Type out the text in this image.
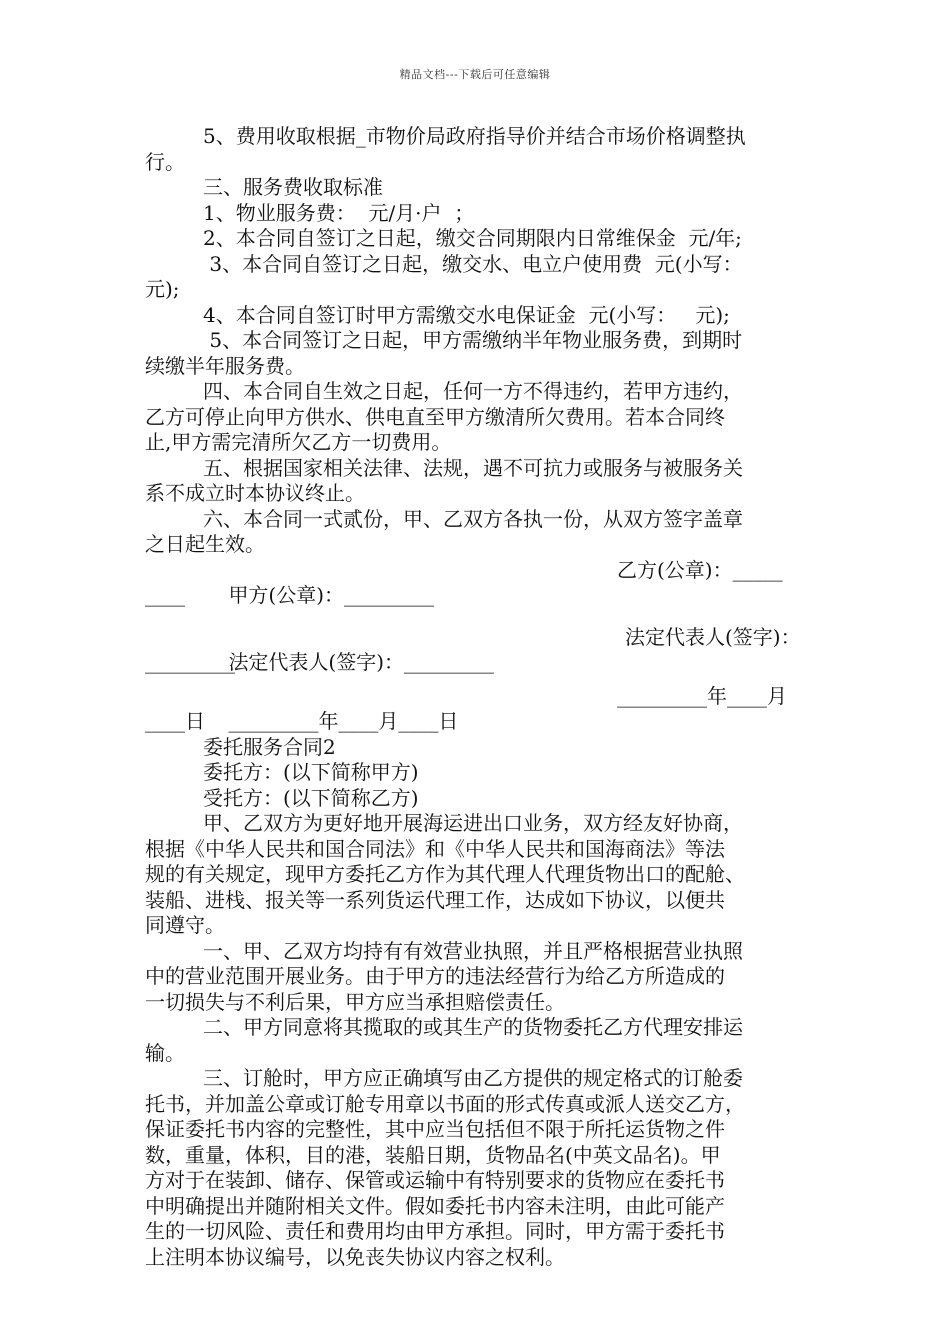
精品文档---下载后可任意编辑
5、费用收取根据_市物价局政府指导价并结合市场价格调整执
行。
三、服务费收取标准
1、物业服务费：  元/月·户  ；
2、本合同自签订之日起，缴交合同期限内日常维保金  元/年;
3、本合同自签订之日起，缴交水、电立户使用费  元(小写：
元);
4、本合同自签订时甲方需缴交水电保证金  元(小写：   元);
5、本合同签订之日起，甲方需缴纳半年物业服务费，到期时
续缴半年服务费。
四、本合同自生效之日起，任何一方不得违约，若甲方违约，
乙方可停止向甲方供水、供电直至甲方缴清所欠费用。若本合同终
止,甲方需完清所欠乙方一切费用。
五、根据国家相关法律、法规，遇不可抗力或服务与被服务关
系不成立时本协议终止。
六、本合同一式贰份，甲、乙双方各执一份，从双方签字盖章
之日起生效。

甲方(公章)：_________

乙方(公章)：_____

____

法定代表人(签字)：_________

法定代表人(签字)：

_________

_________年____月____日

_________年____月

____日
委托服务合同2
委托方：(以下简称甲方)
受托方：(以下简称乙方)
甲、乙双方为更好地开展海运进出口业务，双方经友好协商，
根据《中华人民共和国合同法》和《中华人民共和国海商法》等法
规的有关规定，现甲方委托乙方作为其代理人代理货物出口的配舱、
装船、进栈、报关等一系列货运代理工作，达成如下协议，以便共
同遵守。
一、甲、乙双方均持有有效营业执照，并且严格根据营业执照
中的营业范围开展业务。由于甲方的违法经营行为给乙方所造成的
一切损失与不利后果，甲方应当承担赔偿责任。
二、甲方同意将其揽取的或其生产的货物委托乙方代理安排运
输。
三、订舱时，甲方应正确填写由乙方提供的规定格式的订舱委
托书，并加盖公章或订舱专用章以书面的形式传真或派人送交乙方，
保证委托书内容的完整性，其中应当包括但不限于所托运货物之件
数，重量，体积，目的港，装船日期，货物品名(中英文品名)。甲
方对于在装卸、储存、保管或运输中有特别要求的货物应在委托书
中明确提出并随附相关文件。假如委托书内容未注明，由此可能产
生的一切风险、责任和费用均由甲方承担。同时，甲方需于委托书
上注明本协议编号，以免丧失协议内容之权利。
